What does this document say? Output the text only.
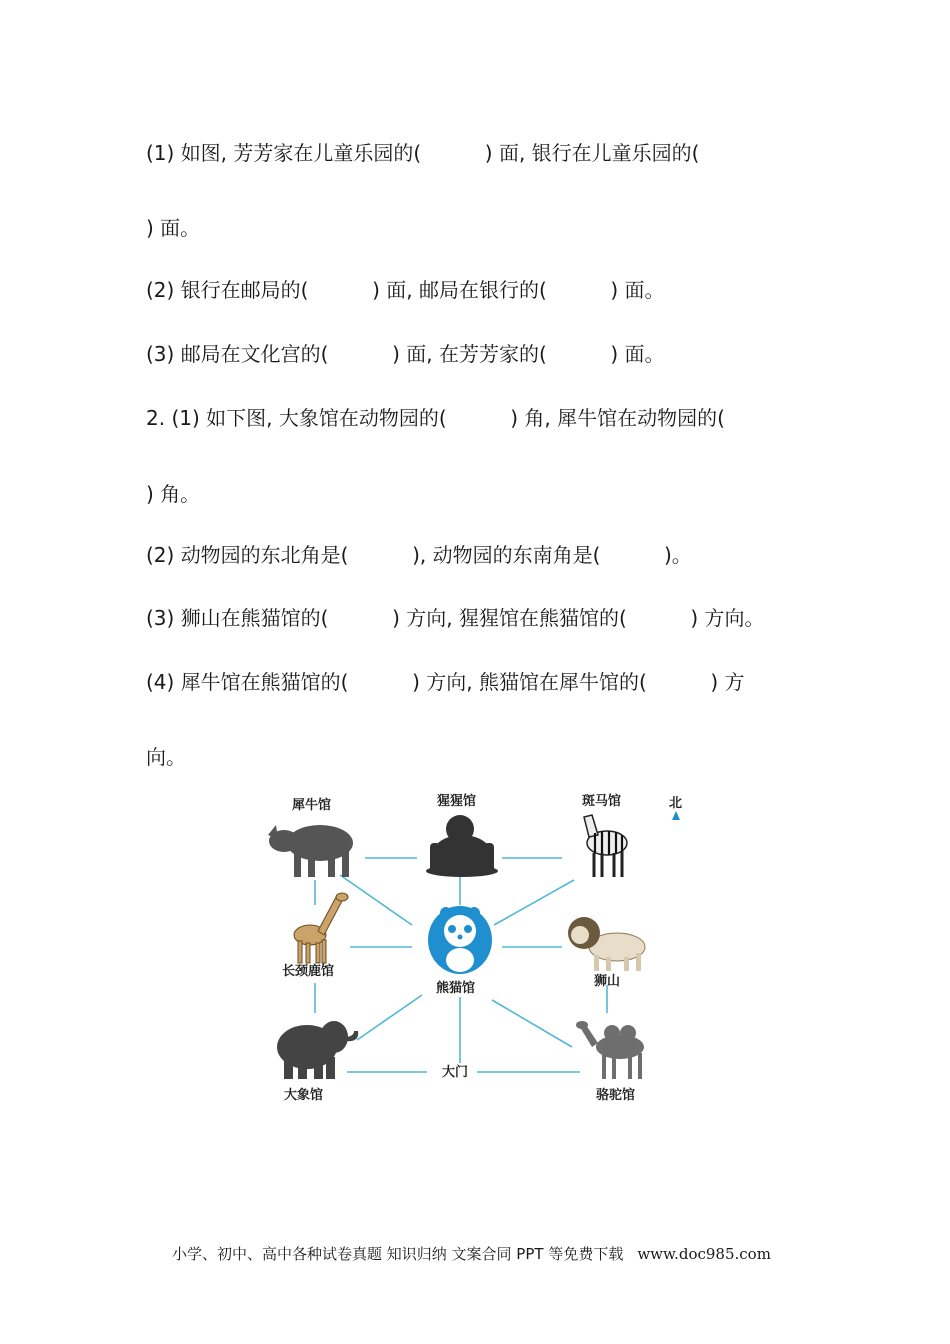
(1) 如图, 芳芳家在儿童乐园的(          ) 面, 银行在儿童乐园的(
) 面。
(2) 银行在邮局的(          ) 面, 邮局在银行的(          ) 面。
(3) 邮局在文化宫的(          ) 面, 在芳芳家的(          ) 面。
2. (1) 如下图, 大象馆在动物园的(          ) 角, 犀牛馆在动物园的(
) 角。
(2) 动物园的东北角是(          ), 动物园的东南角是(          )。
(3) 狮山在熊猫馆的(          ) 方向, 猩猩馆在熊猫馆的(          ) 方向。
(4) 犀牛馆在熊猫馆的(          ) 方向, 熊猫馆在犀牛馆的(          ) 方
向。
犀牛馆	猩猩馆	斑马馆	北
长颈鹿馆
熊猫馆	狮山
大象馆
大门
骆驼馆
小学、初中、高中各种试卷真题 知识归纳 文案合同 PPT 等免费下载 www.doc985.com
